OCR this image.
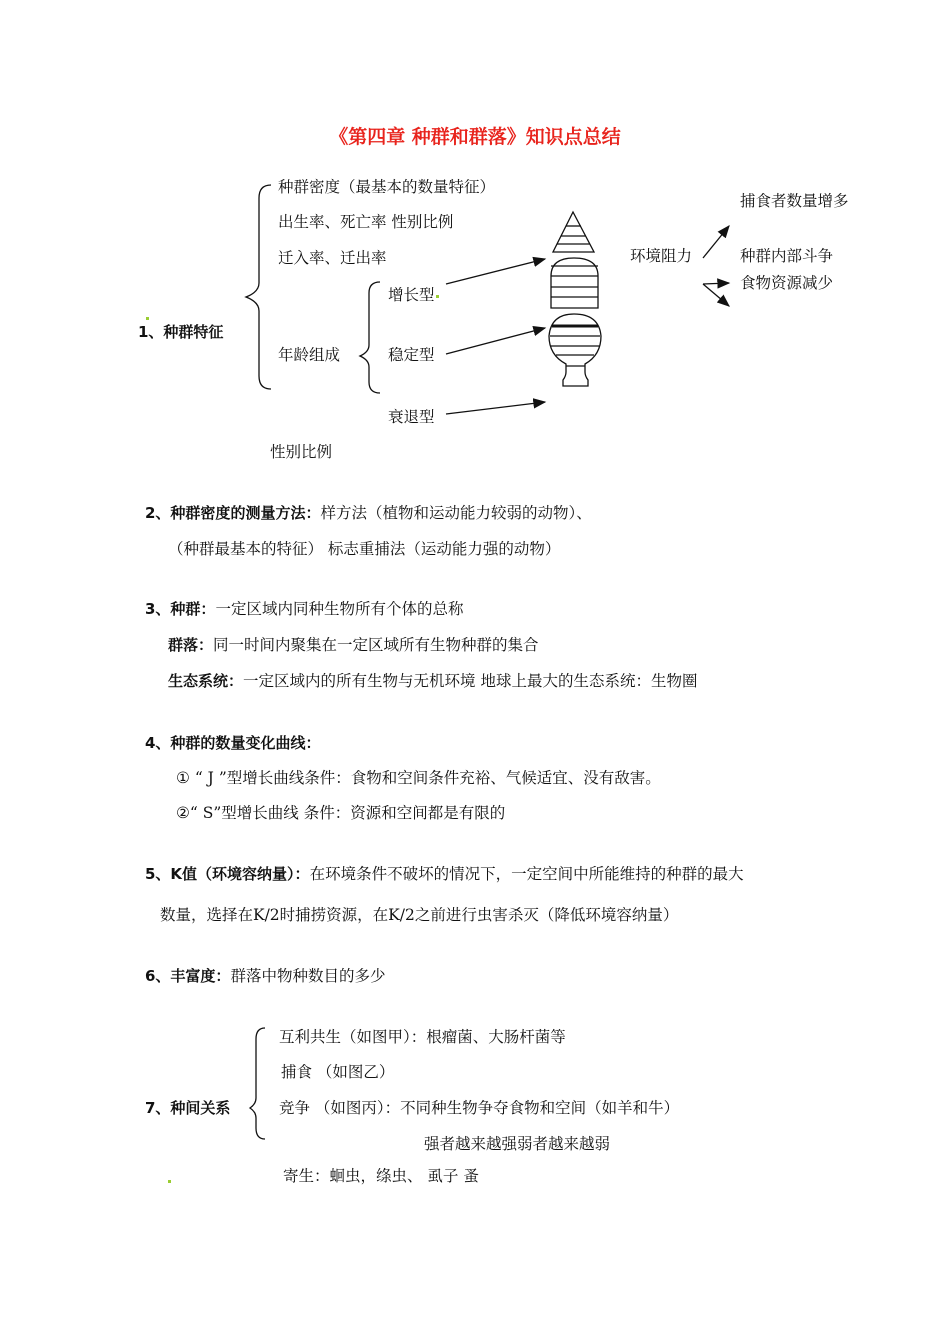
《第四章 种群和群落》知识点总结
1、种群特征
种群密度（最基本的数量特征）
出生率、死亡率 性别比例
迁入率、迁出率
年龄组成
性别比例
增长型
稳定型
衰退型
环境阻力
捕食者数量增多
种群内部斗争
食物资源减少
2、种群密度的测量方法：样方法（植物和运动能力较弱的动物）、
（种群最基本的特征） 标志重捕法（运动能力强的动物）
3、种群：一定区域内同种生物所有个体的总称
群落：同一时间内聚集在一定区域所有生物种群的集合
生态系统：一定区域内的所有生物与无机环境 地球上最大的生态系统：生物圈
4、种群的数量变化曲线：
① “ J ”型增长曲线条件：食物和空间条件充裕、气候适宜、没有敌害。
②“ S”型增长曲线 条件：资源和空间都是有限的
5、K值（环境容纳量）：在环境条件不破坏的情况下，一定空间中所能维持的种群的最大
数量，选择在K/2时捕捞资源，在K/2之前进行虫害杀灭（降低环境容纳量）
6、丰富度：群落中物种数目的多少
7、种间关系
互利共生（如图甲）：根瘤菌、大肠杆菌等
捕食 （如图乙）
竞争 （如图丙）：不同种生物争夺食物和空间（如羊和牛）
强者越来越强弱者越来越弱
寄生：蛔虫，绦虫、 虱子 蚤
